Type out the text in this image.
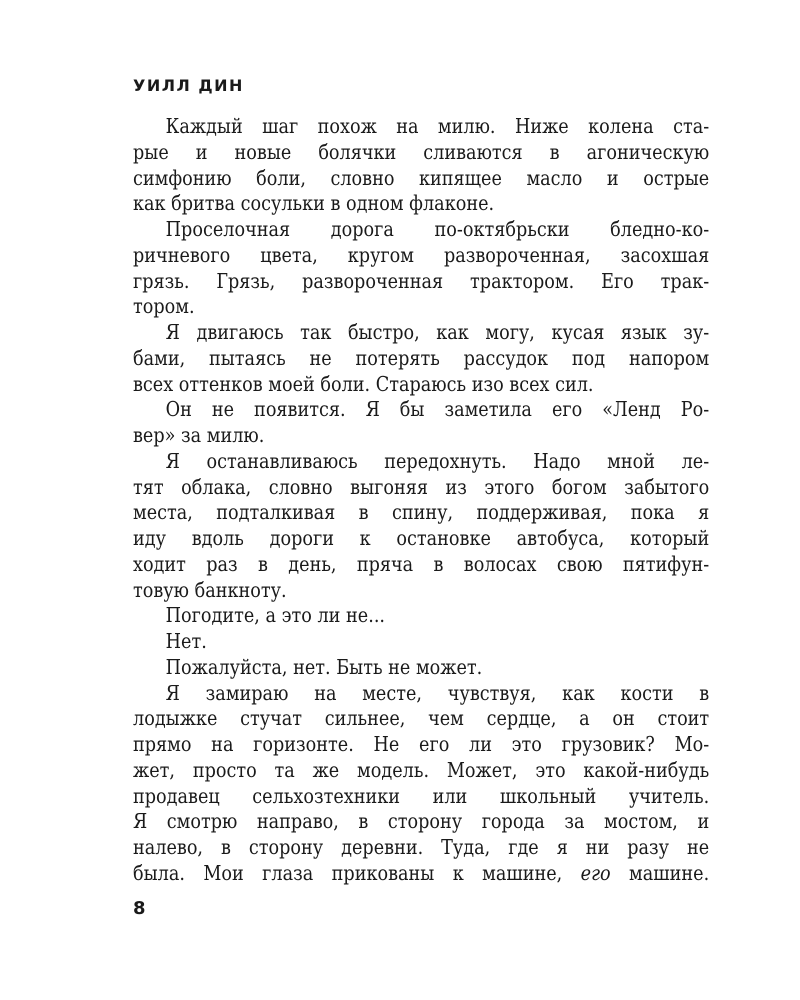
УИЛЛ ДИН
Каждый шаг похож на милю. Ниже колена ста-
рые и новые болячки сливаются в агоническую
симфонию боли, словно кипящее масло и острые
как бритва сосульки в одном флаконе.
Проселочная дорога по-октябрьски бледно-ко-
ричневого цвета, кругом развороченная, засохшая
грязь. Грязь, развороченная трактором. Его трак-
тором.
Я двигаюсь так быстро, как могу, кусая язык зу-
бами, пытаясь не потерять рассудок под напором
всех оттенков моей боли. Стараюсь изо всех сил.
Он не появится. Я бы заметила его «Ленд Ро-
вер» за милю.
Я останавливаюсь передохнуть. Надо мной ле-
тят облака, словно выгоняя из этого богом забытого
места, подталкивая в спину, поддерживая, пока я
иду вдоль дороги к остановке автобуса, который
ходит раз в день, пряча в волосах свою пятифун-
товую банкноту.
Погодите, а это ли не...
Нет.
Пожалуйста, нет. Быть не может.
Я замираю на месте, чувствуя, как кости в
лодыжке стучат сильнее, чем сердце, а он стоит
прямо на горизонте. Не его ли это грузовик? Мо-
жет, просто та же модель. Может, это какой-нибудь
продавец сельхозтехники или школьный учитель.
Я смотрю направо, в сторону города за мостом, и
налево, в сторону деревни. Туда, где я ни разу не
была. Мои глаза прикованы к машине, его машине.
8
